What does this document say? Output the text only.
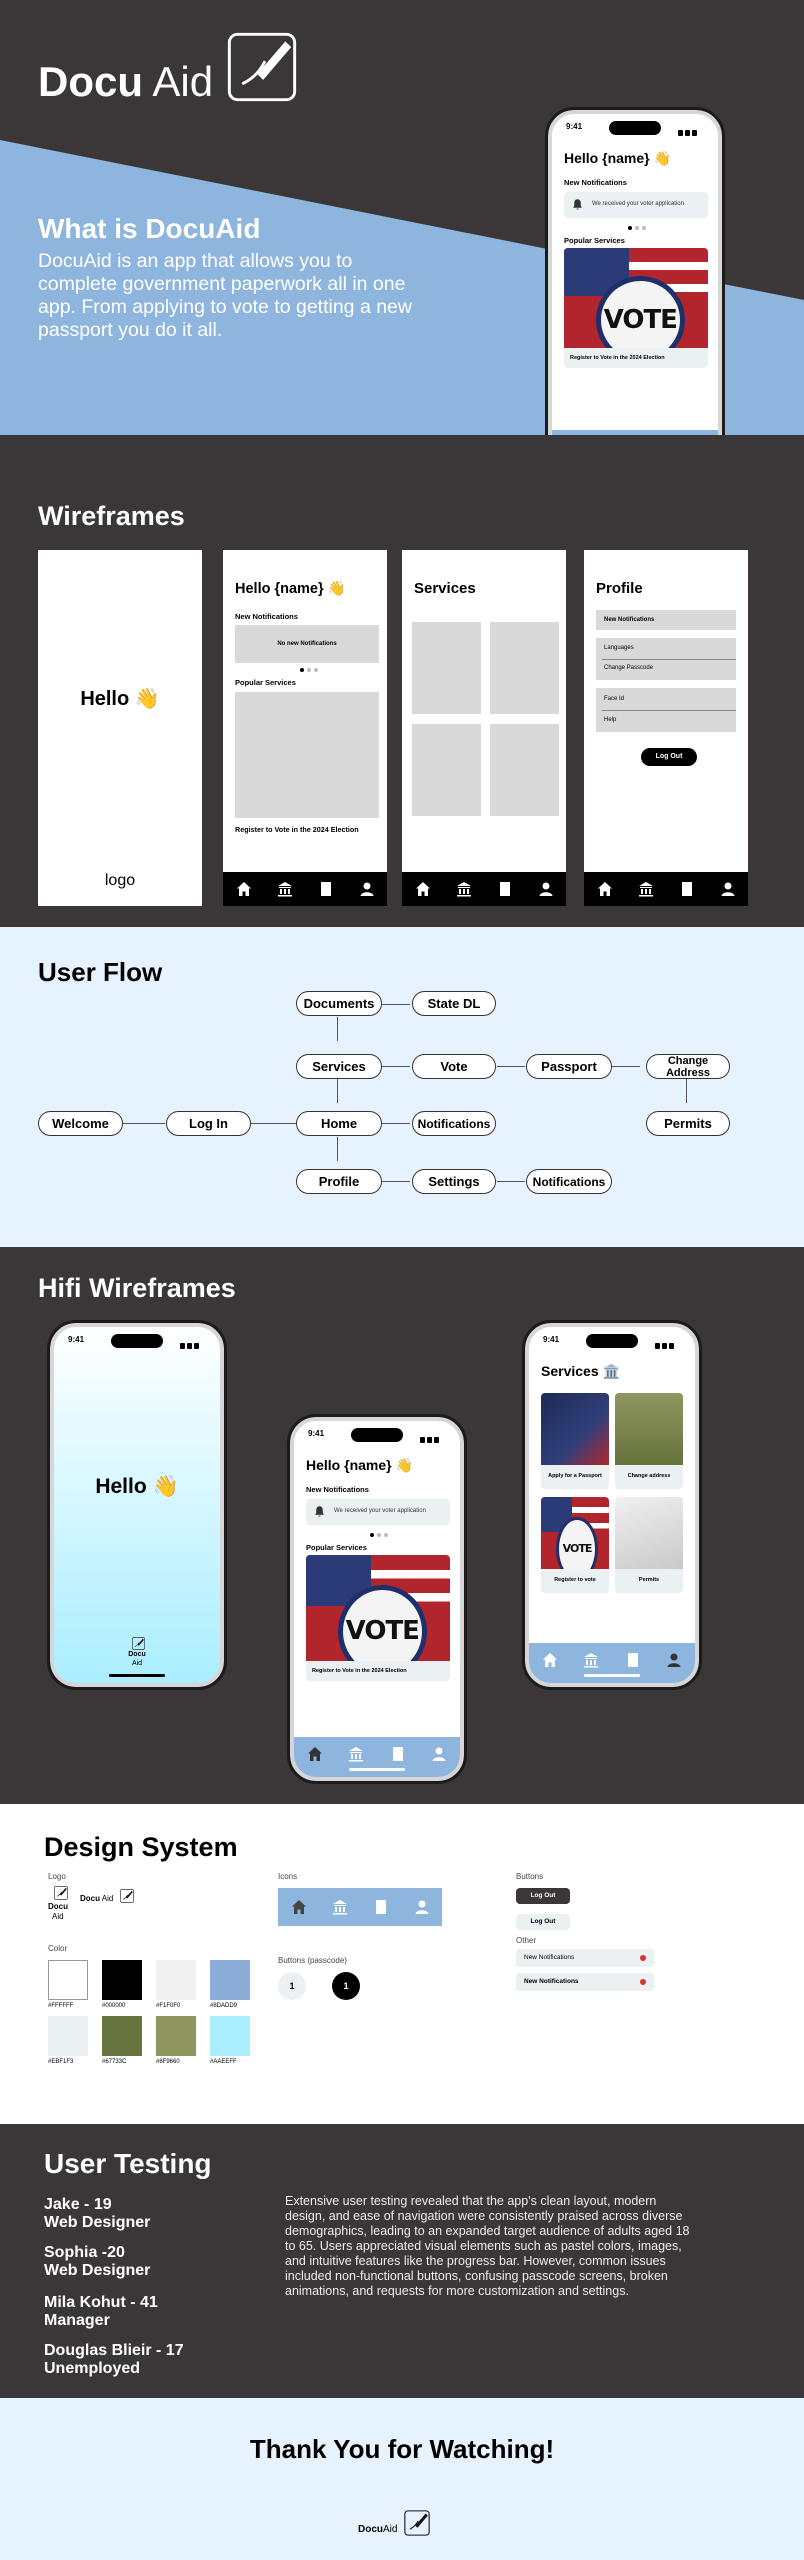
Docu Aid
What is DocuAid
DocuAid is an app that allows you to complete government paperwork all in one app. From applying to vote to getting a new passport you do it all.
9:41
Hello {name} 👋
New Notifications
We received your voter application
Popular Services
VOTE
Register to Vote in the 2024 Election
Wireframes
Hello 👋
logo
Hello {name} 👋
New Notifications
No new Notifications
Popular Services
Register to Vote in the 2024 Election
Services	Profile
New Notifications
Languages
Change Passcode
Face Id
Help
Log Out
User Flow
Documents	State DL
Services	Vote	Passport	Change Address
Welcome	Log In	Home	Notifications	Permits
Profile	Settings	Notifications
Hifi Wireframes
9:41
Hello 👋
Docu
Aid
9:41
Hello {name} 👋
New Notifications
We received your voter application
Popular Services
VOTE
Register to Vote in the 2024 Election
9:41
Services 🏛️
Apply for a Passport	Change address
VOTE
Register to vote	Permits
Design System
Logo
Docu
Aid
Docu Aid
Color
#FFFFFF	#000000	#F1F0F0	#8DADD9
#EBF1F3	#67733C	#8F9660	#AAEEFF
Icons
Buttons (passcode)
1	1
Buttons
Log Out
Log Out
Other
New Notifications
New Notifications
User Testing
Jake - 19
Web Designer
Sophia -20
Web Designer
Mila Kohut - 41
Manager
Douglas Blieir - 17
Unemployed
Extensive user testing revealed that the app's clean layout, modern design, and ease of navigation were consistently praised across diverse demographics, leading to an expanded target audience of adults aged 18 to 65. Users appreciated visual elements such as pastel colors, images, and intuitive features like the progress bar. However, common issues included non-functional buttons, confusing passcode screens, broken animations, and requests for more customization and settings.
Thank You for Watching!
DocuAid
